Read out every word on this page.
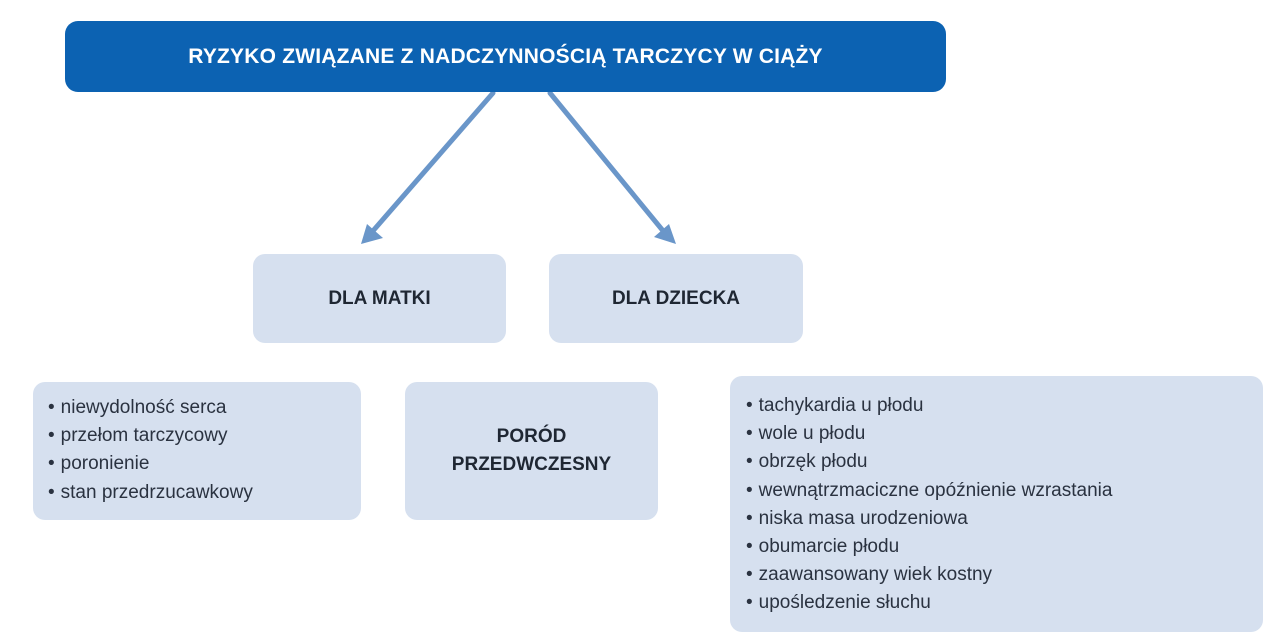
RYZYKO ZWIĄZANE Z NADCZYNNOŚCIĄ TARCZYCY W CIĄŻY
DLA MATKI	DLA DZIECKA
• niewydolność serca
• przełom tarczycowy
• poronienie
• stan przedrzucawkowy
PORÓD
PRZEDWCZESNY
• tachykardia u płodu
• wole u płodu
• obrzęk płodu
• wewnątrzmaciczne opóźnienie wzrastania
• niska masa urodzeniowa
• obumarcie płodu
• zaawansowany wiek kostny
• upośledzenie słuchu
